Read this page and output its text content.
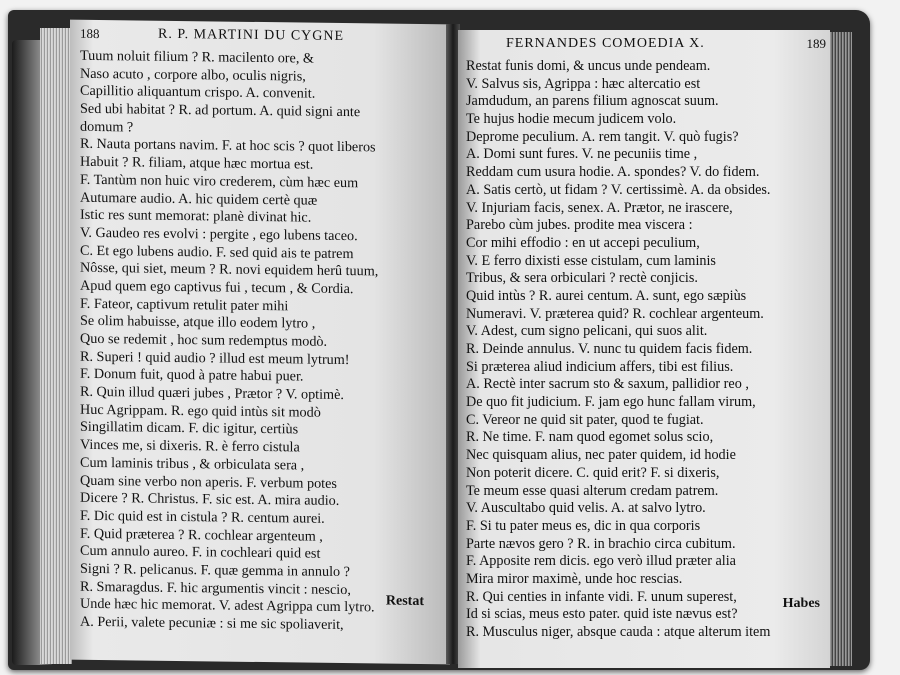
188	R. P. MARTINI DU CYGNE
Tuum noluit filium ? R. macilento ore, &
Naso acuto , corpore albo, oculis nigris,
Capillitio aliquantum crispo. A. convenit.
Sed ubi habitat ? R. ad portum. A. quid signi ante
domum ?
R. Nauta portans navim. F. at hoc scis ? quot liberos
Habuit ? R. filiam, atque hæc mortua est.
F. Tantùm non huic viro crederem, cùm hæc eum
Autumare audio. A. hic quidem certè quæ
Istic res sunt memorat: planè divinat hic.
V. Gaudeo res evolvi : pergite , ego lubens taceo.
C. Et ego lubens audio. F. sed quid ais te patrem
Nôsse, qui siet, meum ? R. novi equidem herû tuum,
Apud quem ego captivus fui , tecum , & Cordia.
F. Fateor, captivum retulit pater mihi
Se olim habuisse, atque illo eodem lytro ,
Quo se redemit , hoc sum redemptus modò.
R. Superi ! quid audio ? illud est meum lytrum!
F. Donum fuit, quod à patre habui puer.
R. Quin illud quæri jubes , Prætor ? V. optimè.
Huc Agrippam. R. ego quid intùs sit modò
Singillatim dicam. F. dic igitur, certiùs
Vinces me, si dixeris. R. è ferro cistula
Cum laminis tribus , & orbiculata sera ,
Quam sine verbo non aperis. F. verbum potes
Dicere ? R. Christus. F. sic est. A. mira audio.
F. Dic quid est in cistula ? R. centum aurei.
F. Quid præterea ? R. cochlear argenteum ,
Cum annulo aureo. F. in cochleari quid est
Signi ? R. pelicanus. F. quæ gemma in annulo ?
R. Smaragdus. F. hic argumentis vincit : nescio,
Unde hæc hic memorat. V. adest Agrippa cum lytro.
A. Perii, valete pecuniæ : si me sic spoliaverit,
Restat
FERNANDES COMOEDIA X.	189
Restat funis domi, & uncus unde pendeam.
V. Salvus sis, Agrippa : hæc altercatio est
Jamdudum, an parens filium agnoscat suum.
Te hujus hodie mecum judicem volo.
Deprome peculium. A. rem tangit. V. quò fugis?
A. Domi sunt fures. V. ne pecuniis time ,
Reddam cum usura hodie. A. spondes? V. do fidem.
A. Satis certò, ut fidam ? V. certissimè. A. da obsides.
V. Injuriam facis, senex. A. Prætor, ne irascere,
Parebo cùm jubes. prodite mea viscera :
Cor mihi effodio : en ut accepi peculium,
V. E ferro dixisti esse cistulam, cum laminis
Tribus, & sera orbiculari ? rectè conjicis.
Quid intùs ? R. aurei centum. A. sunt, ego sæpiùs
Numeravi. V. præterea quid? R. cochlear argenteum.
V. Adest, cum signo pelicani, qui suos alit.
R. Deinde annulus. V. nunc tu quidem facis fidem.
Si præterea aliud indicium affers, tibi est filius.
A. Rectè inter sacrum sto & saxum, pallidior reo ,
De quo fit judicium. F. jam ego hunc fallam virum,
C. Vereor ne quid sit pater, quod te fugiat.
R. Ne time. F. nam quod egomet solus scio,
Nec quisquam alius, nec pater quidem, id hodie
Non poterit dicere. C. quid erit? F. si dixeris,
Te meum esse quasi alterum credam patrem.
V. Auscultabo quid velis. A. at salvo lytro.
F. Si tu pater meus es, dic in qua corporis
Parte nævos gero ? R. in brachio circa cubitum.
F. Apposite rem dicis. ego verò illud præter alia
Mira miror maximè, unde hoc rescias.
R. Qui centies in infante vidi. F. unum superest,
Id si scias, meus esto pater. quid iste nævus est?
R. Musculus niger, absque cauda : atque alterum item
Habes
